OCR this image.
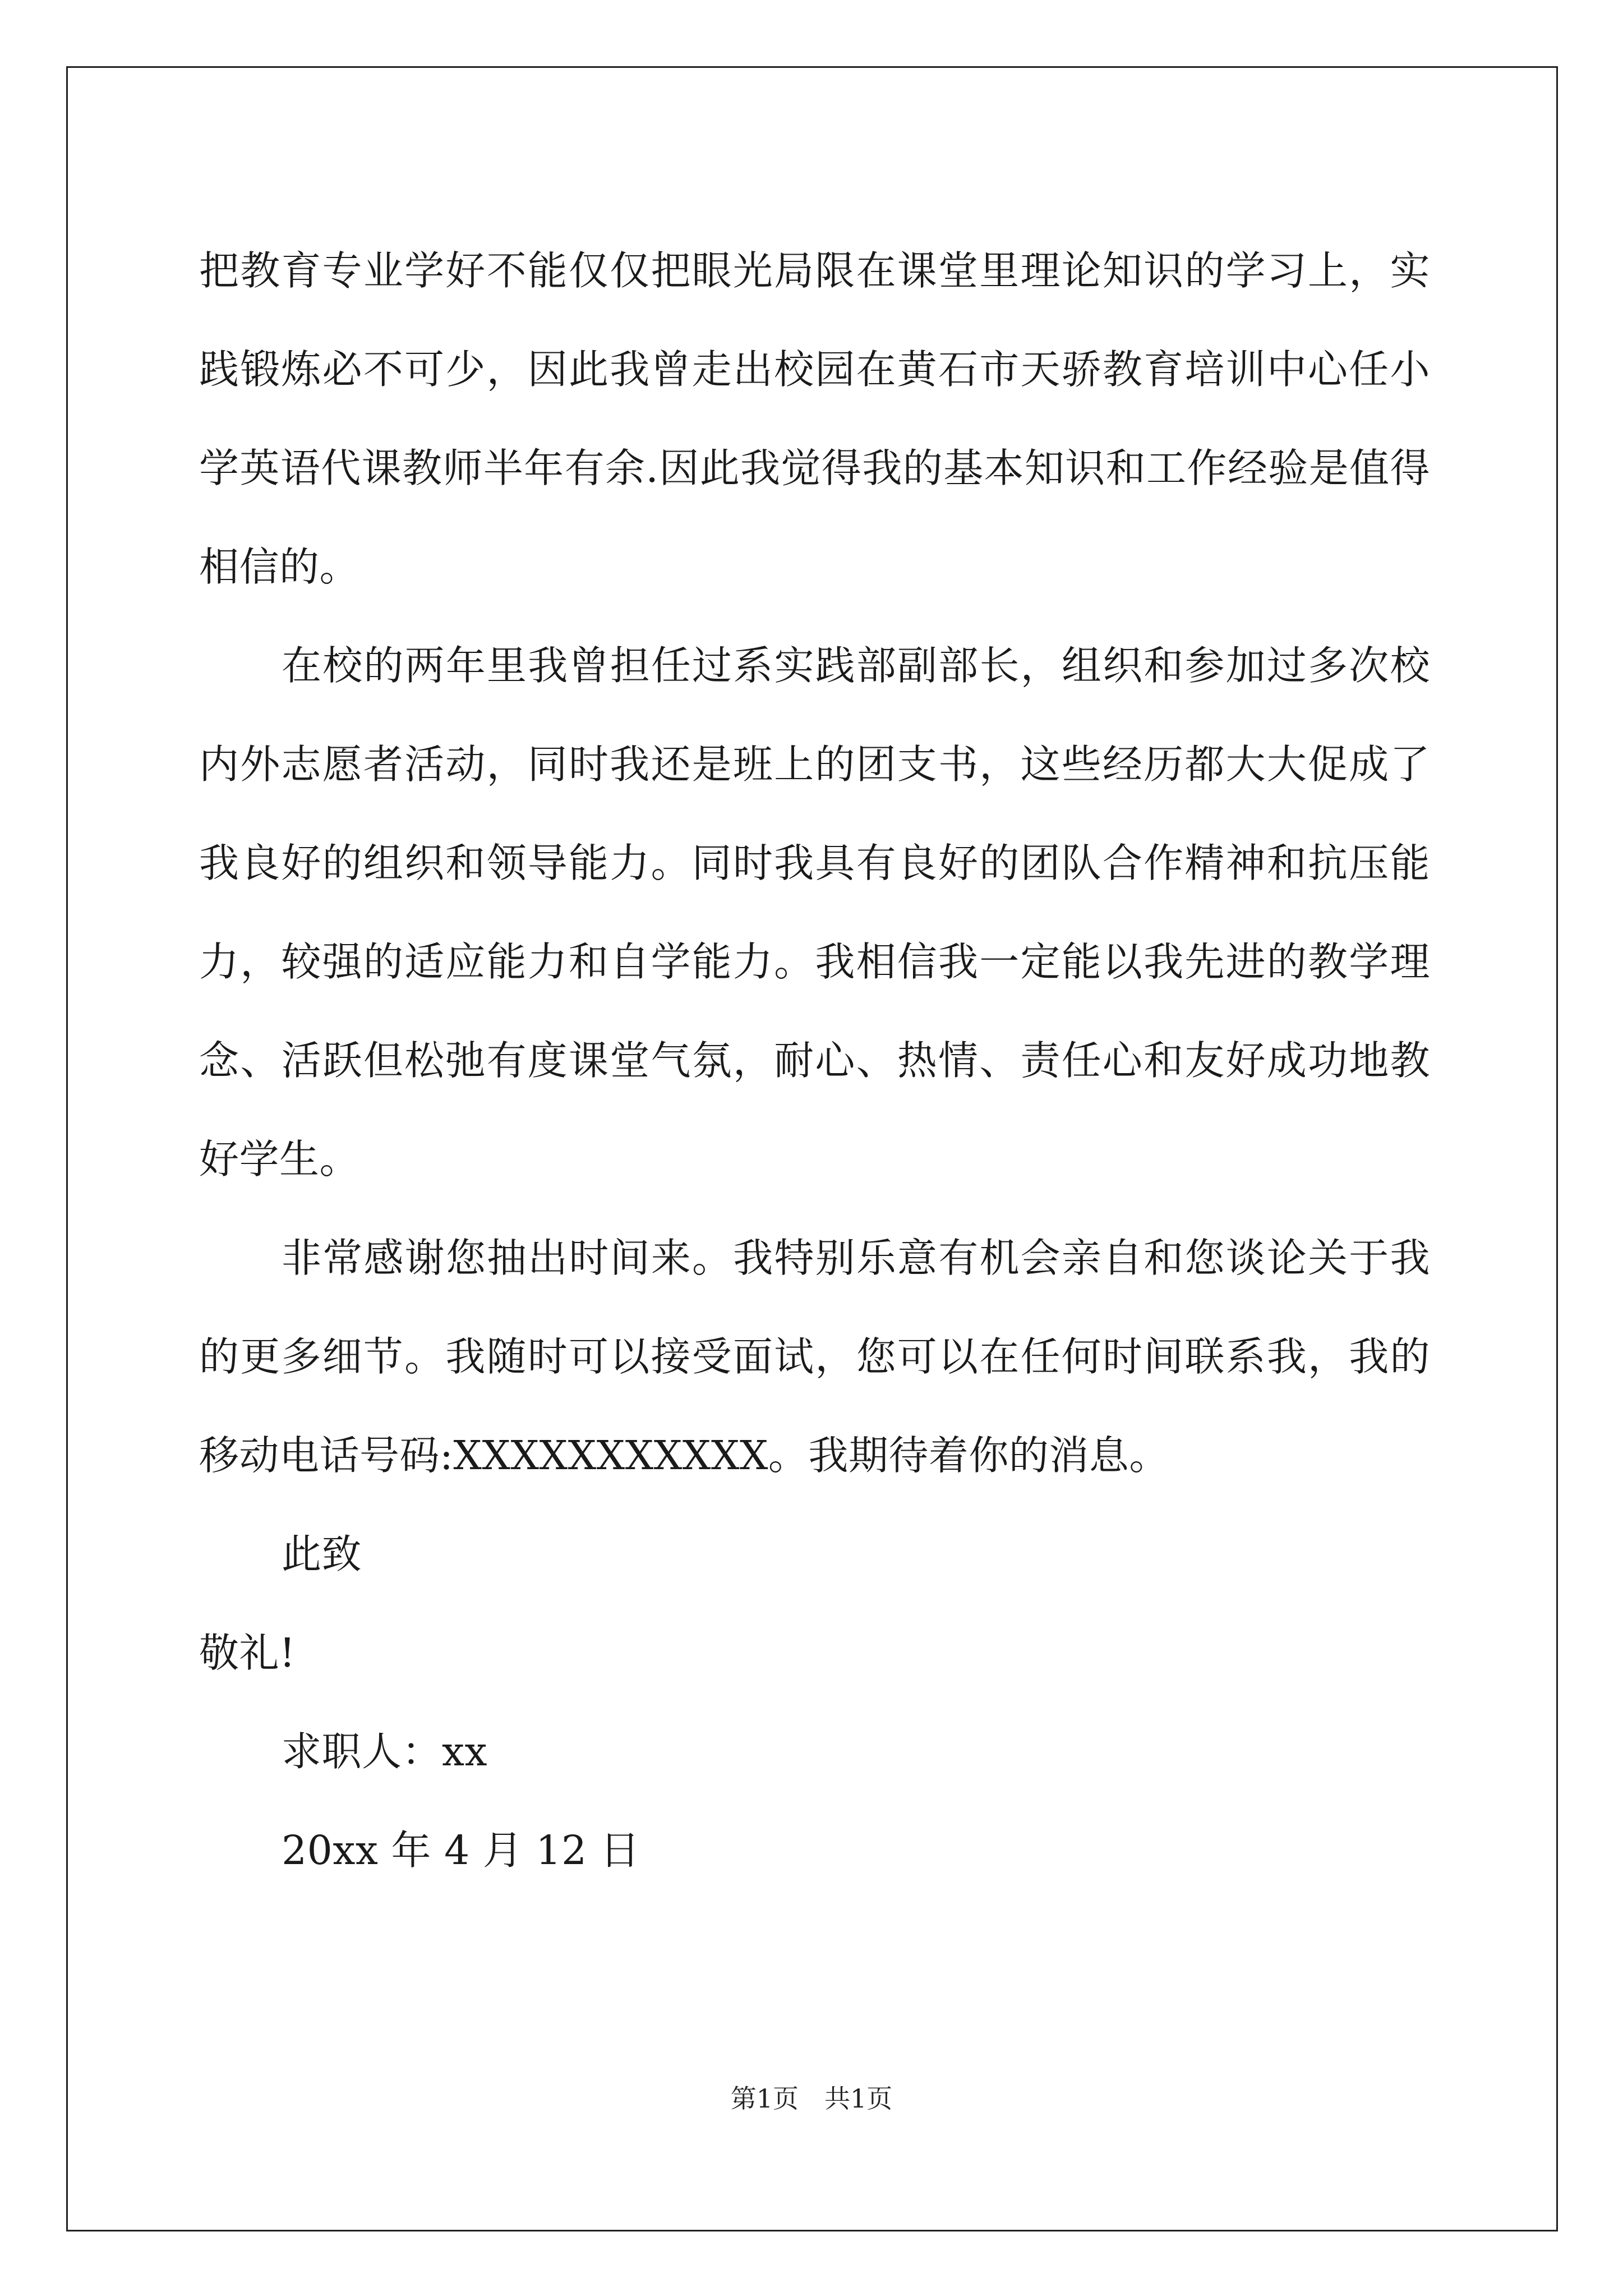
把教育专业学好不能仅仅把眼光局限在课堂里理论知识的学习上，实践锻炼必不可少，因此我曾走出校园在黄石市天骄教育培训中心任小学英语代课教师半年有余.因此我觉得我的基本知识和工作经验是值得相信的。

在校的两年里我曾担任过系实践部副部长，组织和参加过多次校内外志愿者活动，同时我还是班上的团支书，这些经历都大大促成了我良好的组织和领导能力。同时我具有良好的团队合作精神和抗压能力，较强的适应能力和自学能力。我相信我一定能以我先进的教学理念、活跃但松弛有度课堂气氛，耐心、热情、责任心和友好成功地教好学生。

非常感谢您抽出时间来。我特别乐意有机会亲自和您谈论关于我的更多细节。我随时可以接受面试，您可以在任何时间联系我，我的移动电话号码:XXXXXXXXXXX。我期待着你的消息。

此致

敬礼!

求职人：xx

20xx 年 4 月 12 日

第1页 共1页
